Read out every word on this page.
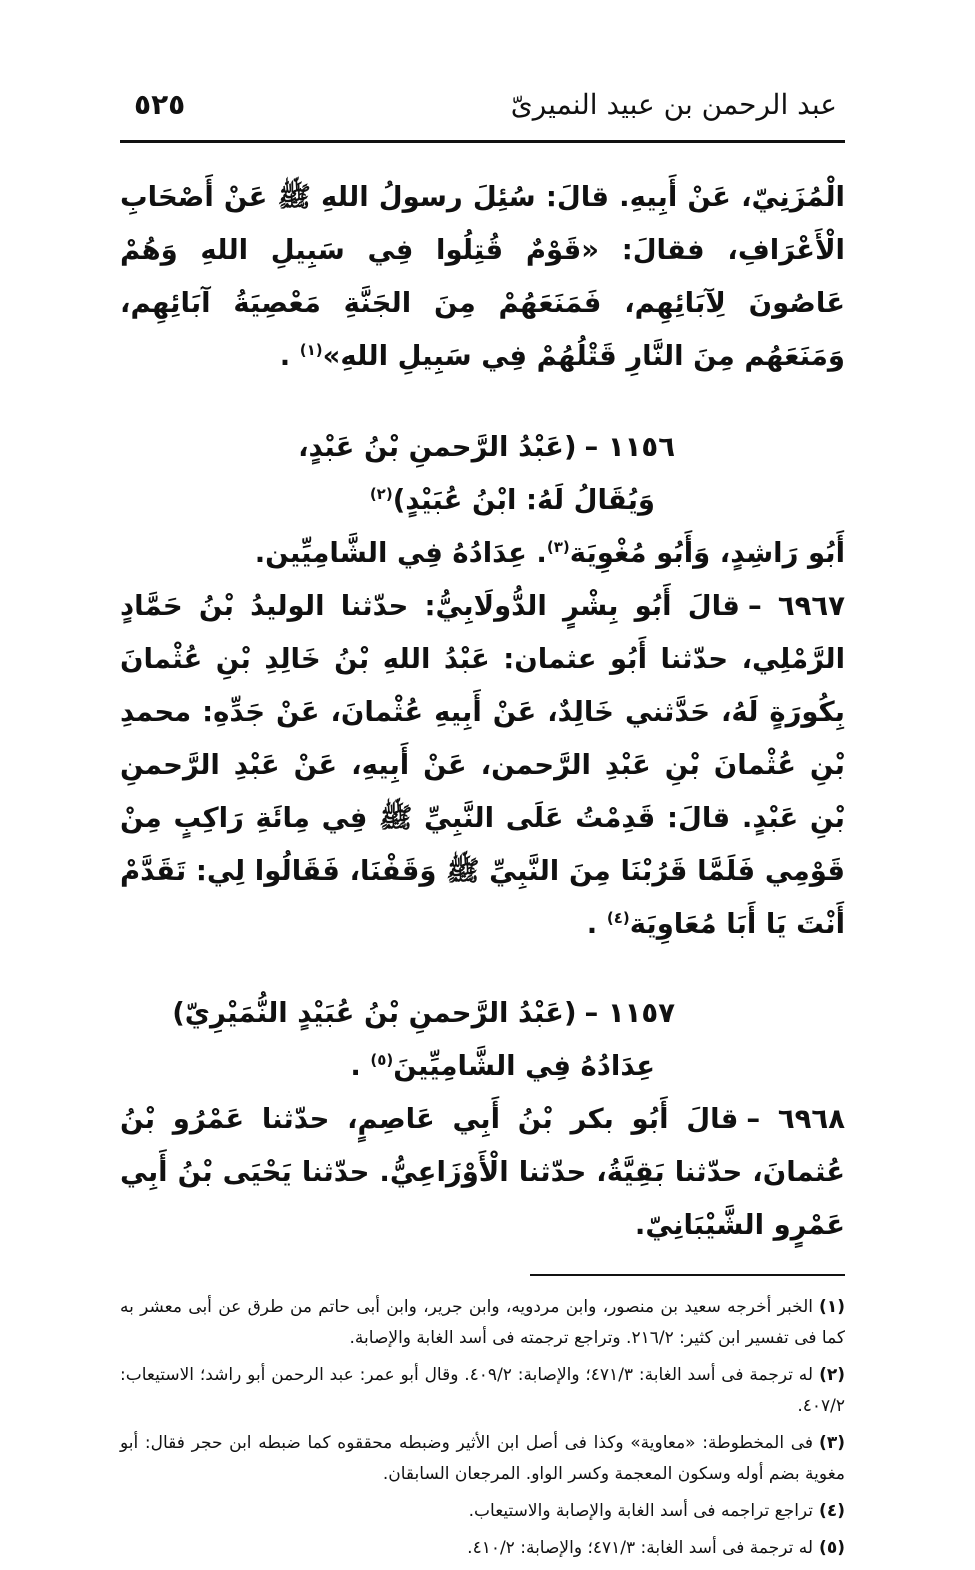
عبد الرحمن بن عبيد النميرىّ
٥٢٥

الْمُزَنِيّ، عَنْ أَبِيهِ. قالَ: سُئِلَ رسولُ اللهِ ﷺ عَنْ أَصْحَابِ الْأَعْرَافِ، فقالَ: «قَوْمٌ قُتِلُوا فِي سَبِيلِ اللهِ وَهُمْ عَاصُونَ لِآبَائِهِم، فَمَنَعَهُمْ مِنَ الجَنَّةِ مَعْصِيَةُ آبَائِهِم، وَمَنَعَهُم مِنَ النَّارِ قَتْلُهُمْ فِي سَبِيلِ اللهِ»$^{(١)}$ .

١١٥٦ –(عَبْدُ الرَّحمنِ بْنُ عَبْدٍ،

وَيُقَالُ لَهُ: ابْنُ عُبَيْدٍ)$^{(٢)}$

أَبُو رَاشِدٍ، وَأَبُو مُغْوِيَة$^{(٣)}$. عِدَادُهُ فِي الشَّامِيِّين.

٦٩٦٧ –قالَ أَبُو بِشْرٍ الدُّولَابِيُّ: حدّثنا الوليدُ بْنُ حَمَّادٍ الرَّمْلِي، حدّثنا أَبُو عثمان: عَبْدُ اللهِ بْنُ خَالِدِ بْنِ عُثْمانَ بِكُورَةٍ لَهُ، حَدَّثني خَالِدٌ، عَنْ أَبِيهِ عُثْمانَ، عَنْ جَدِّهِ: محمدِ بْنِ عُثْمانَ بْنِ عَبْدِ الرَّحمن، عَنْ أَبِيهِ، عَنْ عَبْدِ الرَّحمنِ بْنِ عَبْدٍ. قالَ: قَدِمْتُ عَلَى النَّبِيِّ ﷺ فِي مِائَةِ رَاكِبٍ مِنْ قَوْمِي فَلَمَّا قَرُبْنَا مِنَ النَّبِيِّ ﷺ وَقَفْنَا، فَقَالُوا لِي: تَقَدَّمْ أَنْتَ يَا أَبَا مُعَاوِيَة$^{(٤)}$ .

١١٥٧ –(عَبْدُ الرَّحمنِ بْنُ عُبَيْدٍ النُّمَيْرِيّ)

عِدَادُهُ فِي الشَّامِيِّينَ$^{(٥)}$ .

٦٩٦٨ –قالَ أَبُو بكر بْنُ أَبِي عَاصِمٍ، حدّثنا عَمْرُو بْنُ عُثمانَ، حدّثنا بَقِيَّةُ، حدّثنا الْأَوْزَاعِيُّ. حدّثنا يَحْيَى بْنُ أَبِي عَمْرٍو الشَّيْبَانِيّ.

(١)الخبر أخرجه سعيد بن منصور، وابن مردويه، وابن جرير، وابن أبى حاتم من طرق عن أبى معشر به كما فى تفسير ابن كثير: ٢١٦/٢. وتراجع ترجمته فى أسد الغابة والإصابة.

(٢)له ترجمة فى أسد الغابة: ٤٧١/٣؛ والإصابة: ٤٠٩/٢. وقال أبو عمر: عبد الرحمن أبو راشد؛ الاستيعاب: ٤٠٧/٢.

(٣)فى المخطوطة: «معاوية» وكذا فى أصل ابن الأثير وضبطه محققوه كما ضبطه ابن حجر فقال: أبو مغوية بضم أوله وسكون المعجمة وكسر الواو. المرجعان السابقان.

(٤)تراجع تراجمه فى أسد الغابة والإصابة والاستيعاب.

(٥)له ترجمة فى أسد الغابة: ٤٧١/٣؛ والإصابة: ٤١٠/٢.
